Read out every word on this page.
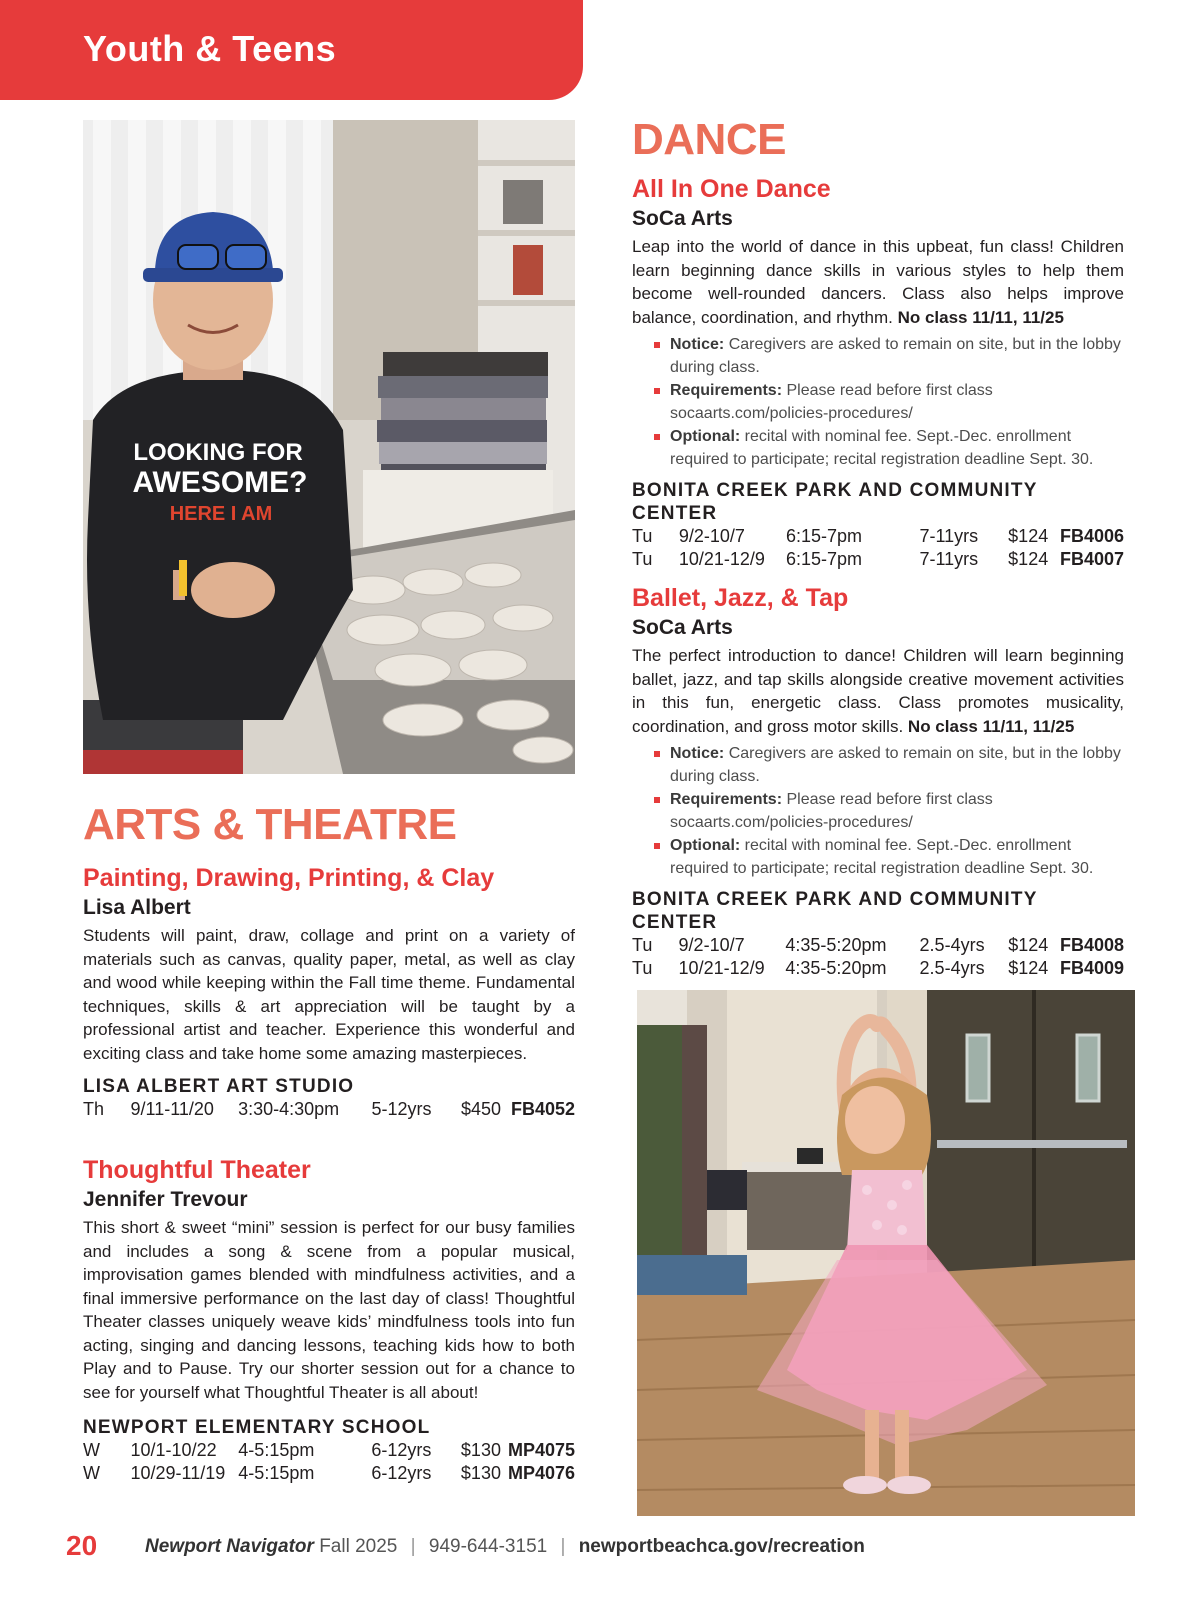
Youth & Teens
LOOKING FOR
AWESOME?
HERE I AM
ARTS & THEATRE
Painting, Drawing, Printing, & Clay
Lisa Albert

Students will paint, draw, collage and print on a variety of materials such as canvas, quality paper, metal, as well as clay and wood while keeping within the Fall time theme. Fundamental techniques, skills & art appreciation will be taught by a professional artist and teacher. Experience this wonderful and exciting class and take home some amazing masterpieces.

LISA ALBERT ART STUDIO
Th	9/11-11/20	3:30-4:30pm	5-12yrs	$450	FB4052
Thoughtful Theater
Jennifer Trevour

This short & sweet “mini” session is perfect for our busy families and includes a song & scene from a popular musical, improvisation games blended with mindfulness activities, and a final immersive performance on the last day of class! Thoughtful Theater classes uniquely weave kids’ mindfulness tools into fun acting, singing and dancing lessons, teaching kids how to both Play and to Pause. Try our shorter session out for a chance to see for yourself what Thoughtful Theater is all about!

NEWPORT ELEMENTARY SCHOOL
W	10/1-10/22	4-5:15pm	6-12yrs	$130	MP4075
W	10/29-11/19	4-5:15pm	6-12yrs	$130	MP4076
DANCE
All In One Dance
SoCa Arts

Leap into the world of dance in this upbeat, fun class! Children learn beginning dance skills in various styles to help them become well-rounded dancers. Class also helps improve balance, coordination, and rhythm. No class 11/11, 11/25

Notice: Caregivers are asked to remain on site, but in the lobby during class.
Requirements: Please read before first class socaarts.com/policies-procedures/
Optional: recital with nominal fee. Sept.-Dec. enrollment required to participate; recital registration deadline Sept. 30.
BONITA CREEK PARK AND COMMUNITY CENTER
Tu	9/2-10/7	6:15-7pm	7-11yrs	$124	FB4006
Tu	10/21-12/9	6:15-7pm	7-11yrs	$124	FB4007
Ballet, Jazz, & Tap
SoCa Arts

The perfect introduction to dance! Children will learn beginning ballet, jazz, and tap skills alongside creative movement activities in this fun, energetic class. Class promotes musicality, coordination, and gross motor skills. No class 11/11, 11/25

Notice: Caregivers are asked to remain on site, but in the lobby during class.
Requirements: Please read before first class socaarts.com/policies-procedures/
Optional: recital with nominal fee. Sept.-Dec. enrollment required to participate; recital registration deadline Sept. 30.
BONITA CREEK PARK AND COMMUNITY CENTER
Tu	9/2-10/7	4:35-5:20pm	2.5-4yrs	$124	FB4008
Tu	10/21-12/9	4:35-5:20pm	2.5-4yrs	$124	FB4009
20	Newport Navigator Fall 2025 | 949-644-3151 | newportbeachca.gov/recreation
